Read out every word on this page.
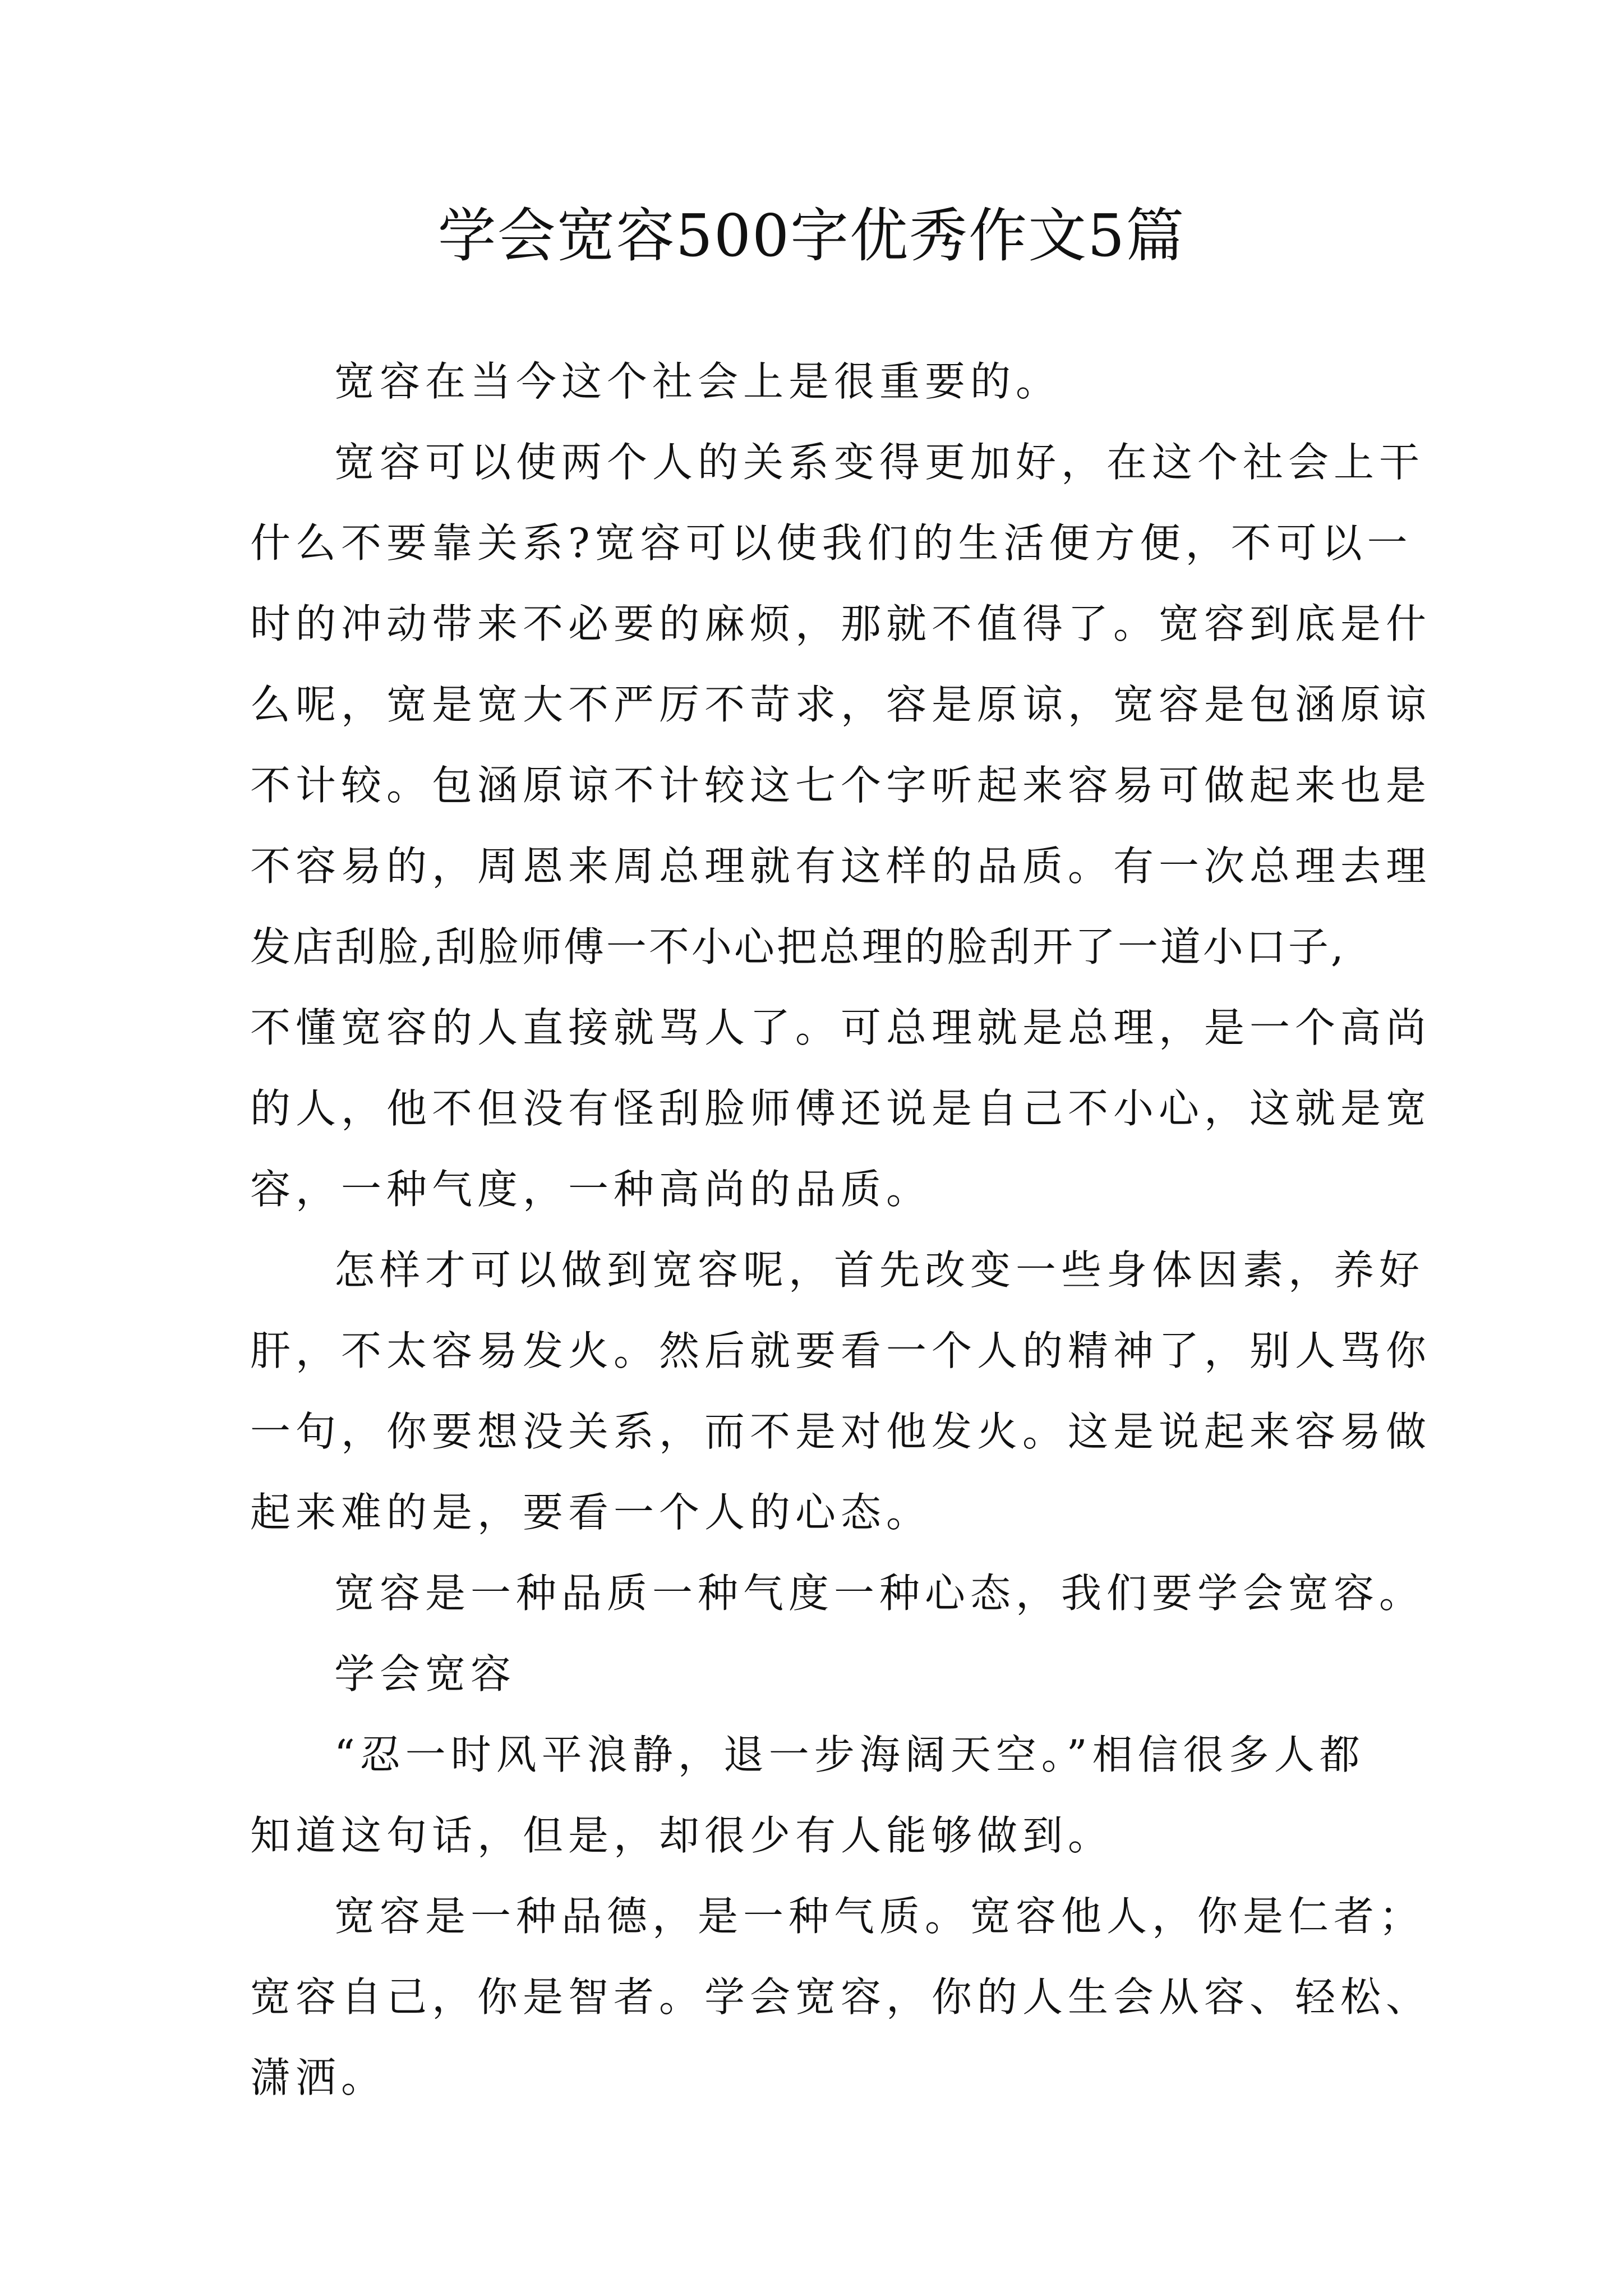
学会宽容500字优秀作文5篇
宽容在当今这个社会上是很重要的。
宽容可以使两个人的关系变得更加好，在这个社会上干
什么不要靠关系?宽容可以使我们的生活便方便，不可以一
时的冲动带来不必要的麻烦，那就不值得了。宽容到底是什
么呢，宽是宽大不严厉不苛求，容是原谅，宽容是包涵原谅
不计较。包涵原谅不计较这七个字听起来容易可做起来也是
不容易的，周恩来周总理就有这样的品质。有一次总理去理
发店刮脸,刮脸师傅一不小心把总理的脸刮开了一道小口子,
不懂宽容的人直接就骂人了。可总理就是总理，是一个高尚
的人，他不但没有怪刮脸师傅还说是自己不小心，这就是宽
容，一种气度，一种高尚的品质。
怎样才可以做到宽容呢，首先改变一些身体因素，养好
肝，不太容易发火。然后就要看一个人的精神了，别人骂你
一句，你要想没关系，而不是对他发火。这是说起来容易做
起来难的是，要看一个人的心态。
宽容是一种品质一种气度一种心态，我们要学会宽容。
学会宽容
“忍一时风平浪静，退一步海阔天空。”相信很多人都
知道这句话，但是，却很少有人能够做到。
宽容是一种品德，是一种气质。宽容他人，你是仁者；
宽容自己，你是智者。学会宽容，你的人生会从容、轻松、
潇洒。
